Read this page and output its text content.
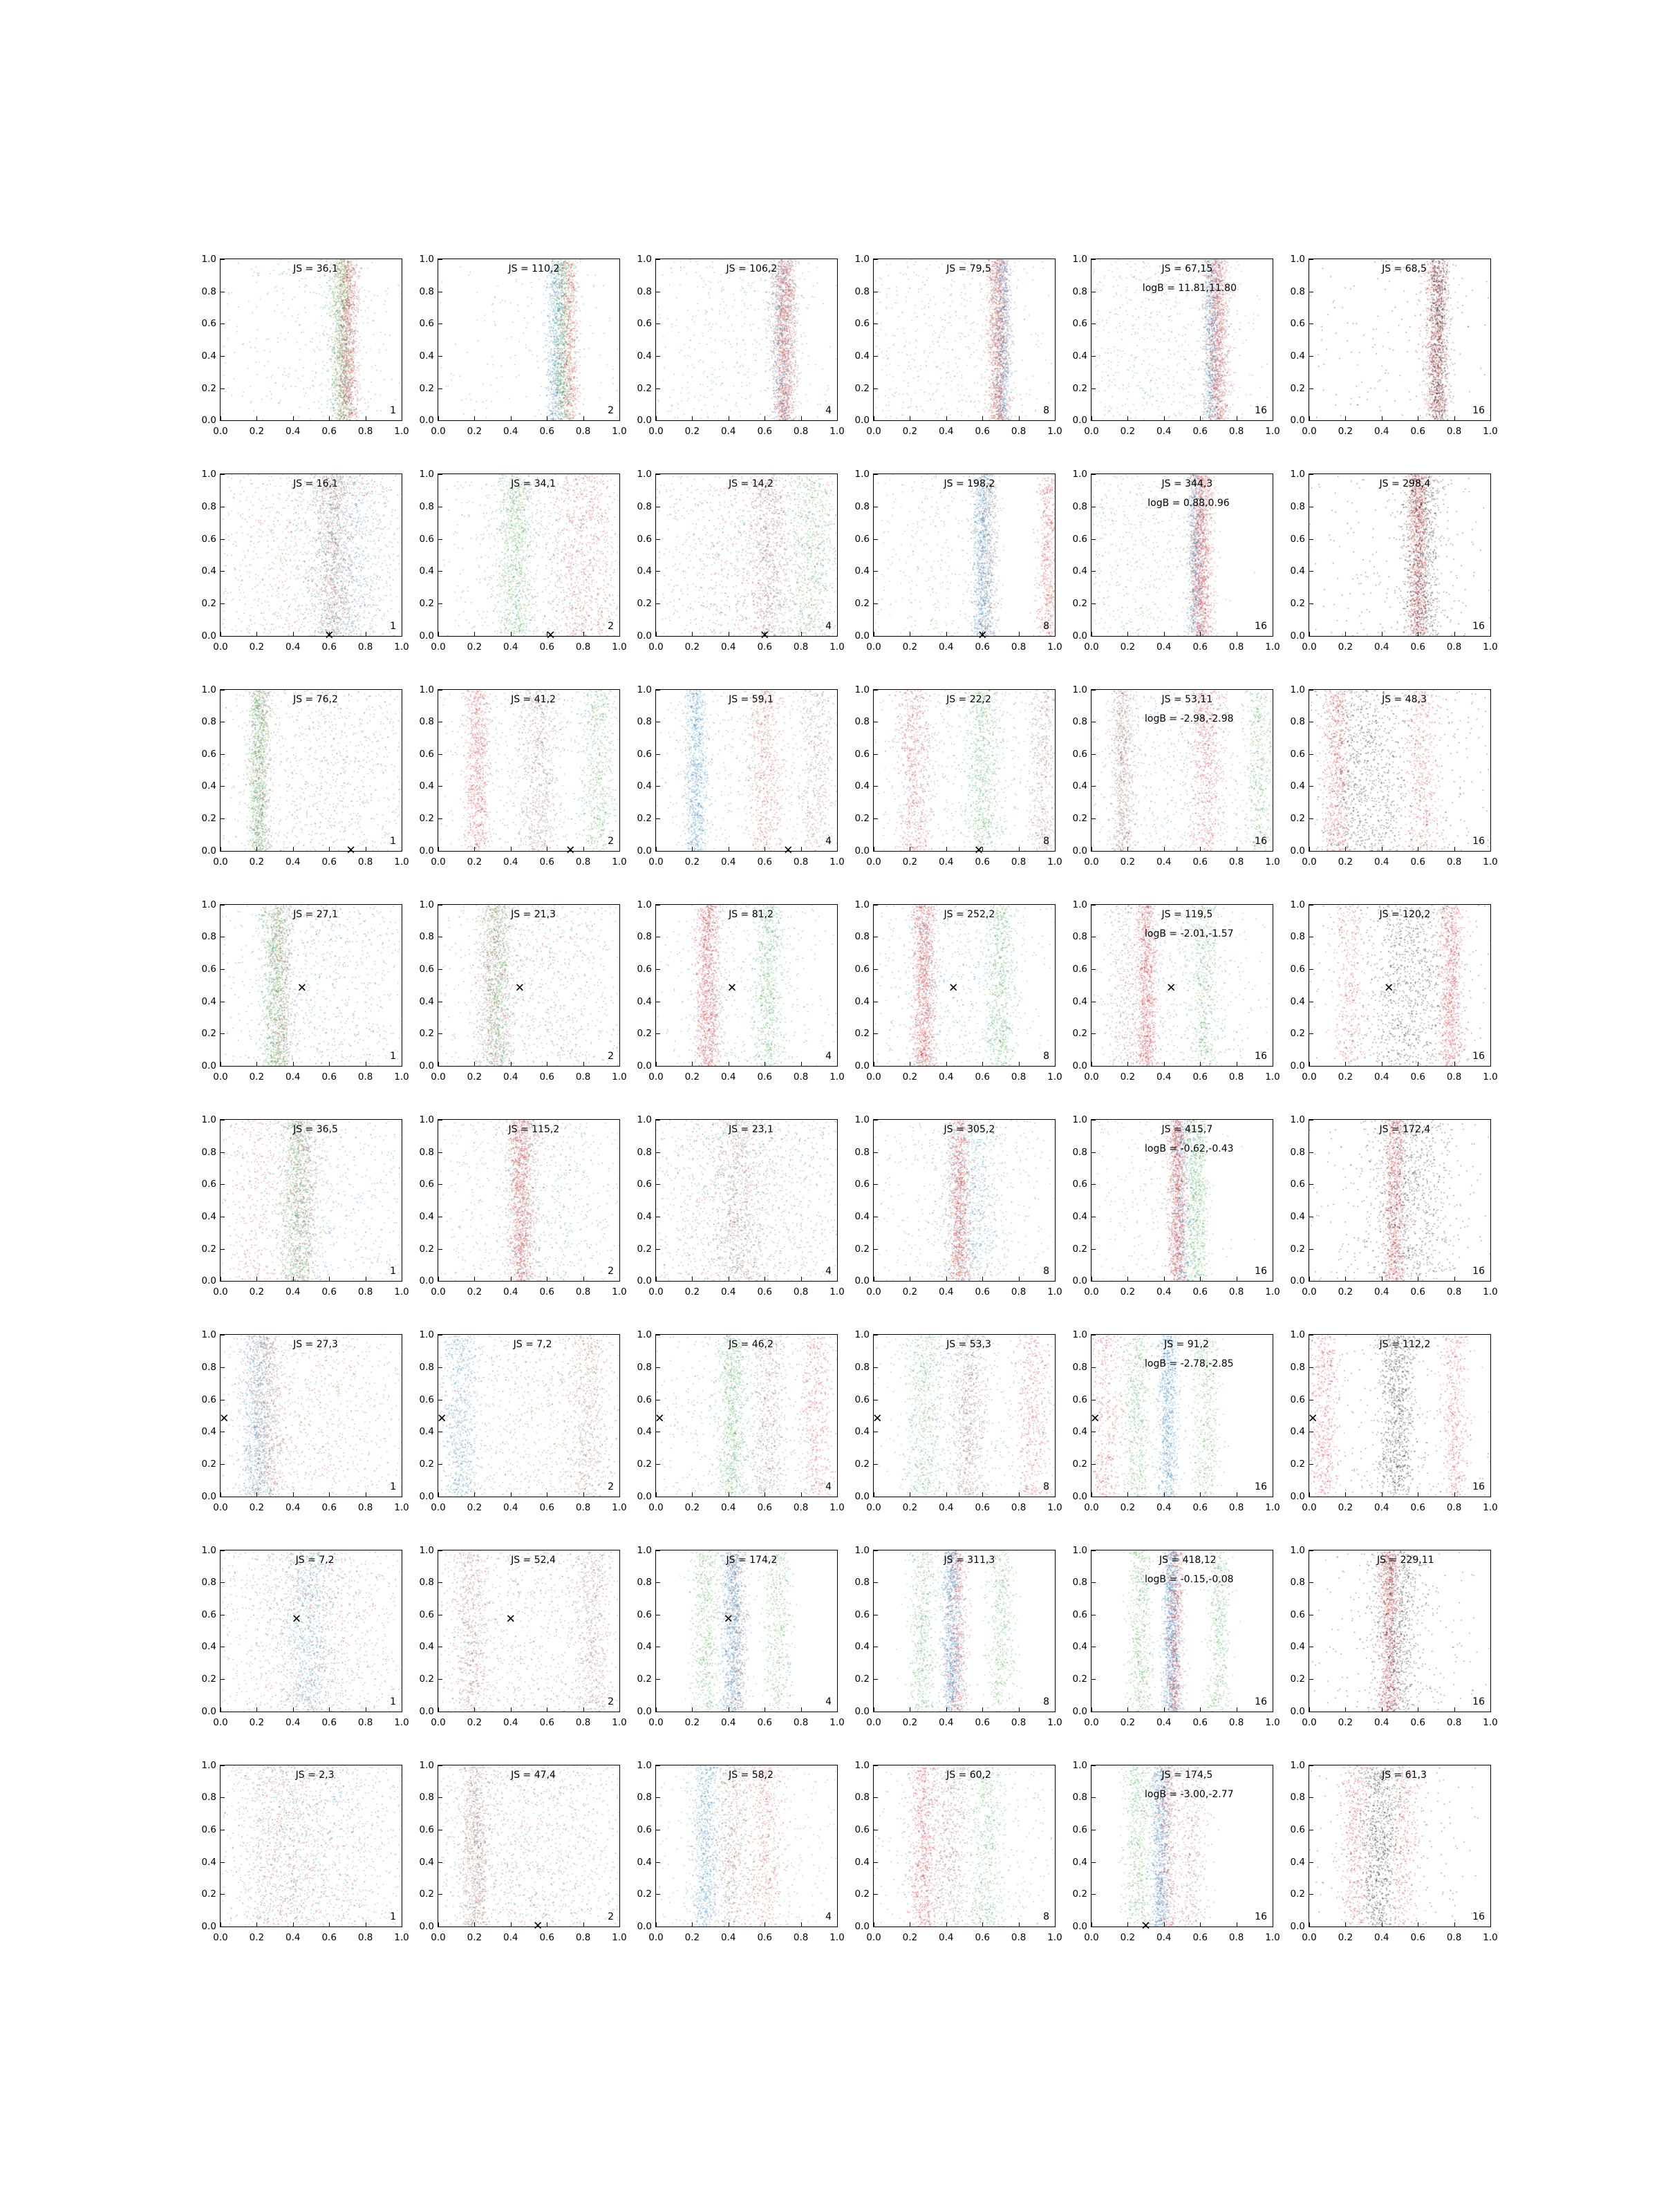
0.0 0.2 0.4 0.6 0.8 1.0
0.0
0.2
0.4
0.6
0.8
1.0
JS = 36,1
1
0.0 0.2 0.4 0.6 0.8 1.0
0.0
0.2
0.4
0.6
0.8
1.0
JS = 110,2
2
0.0 0.2 0.4 0.6 0.8 1.0
0.0
0.2
0.4
0.6
0.8
1.0
JS = 106,2
4
0.0 0.2 0.4 0.6 0.8 1.0
0.0
0.2
0.4
0.6
0.8
1.0
JS = 79,5
8
0.0 0.2 0.4 0.6 0.8 1.0
0.0
0.2
0.4
0.6
0.8
1.0
JS = 67,15
logB = 11.81,11.80
16
0.0 0.2 0.4 0.6 0.8 1.0
0.0
0.2
0.4
0.6
0.8
1.0
JS = 68,5
16
0.0 0.2 0.4 0.6 0.8 1.0
0.0
0.2
0.4
0.6
0.8
1.0
JS = 16,1
1
✕
0.0 0.2 0.4 0.6 0.8 1.0
0.0
0.2
0.4
0.6
0.8
1.0
JS = 34,1
2
✕
0.0 0.2 0.4 0.6 0.8 1.0
0.0
0.2
0.4
0.6
0.8
1.0
JS = 14,2
4
✕
0.0 0.2 0.4 0.6 0.8 1.0
0.0
0.2
0.4
0.6
0.8
1.0
JS = 198,2
8
✕
0.0 0.2 0.4 0.6 0.8 1.0
0.0
0.2
0.4
0.6
0.8
1.0
JS = 344,3
logB = 0.88,0.96
16
0.0 0.2 0.4 0.6 0.8 1.0
0.0
0.2
0.4
0.6
0.8
1.0
JS = 298,4
16
0.0 0.2 0.4 0.6 0.8 1.0
0.0
0.2
0.4
0.6
0.8
1.0
JS = 76,2
1
✕
0.0 0.2 0.4 0.6 0.8 1.0
0.0
0.2
0.4
0.6
0.8
1.0
JS = 41,2
2
✕
0.0 0.2 0.4 0.6 0.8 1.0
0.0
0.2
0.4
0.6
0.8
1.0
JS = 59,1
4
✕
0.0 0.2 0.4 0.6 0.8 1.0
0.0
0.2
0.4
0.6
0.8
1.0
JS = 22,2
8
✕
0.0 0.2 0.4 0.6 0.8 1.0
0.0
0.2
0.4
0.6
0.8
1.0
JS = 53,11
logB = -2.98,-2.98
16
0.0 0.2 0.4 0.6 0.8 1.0
0.0
0.2
0.4
0.6
0.8
1.0
JS = 48,3
16
0.0 0.2 0.4 0.6 0.8 1.0
0.0
0.2
0.4
0.6
0.8
1.0
JS = 27,1
1
✕
0.0 0.2 0.4 0.6 0.8 1.0
0.0
0.2
0.4
0.6
0.8
1.0
JS = 21,3
2
✕
0.0 0.2 0.4 0.6 0.8 1.0
0.0
0.2
0.4
0.6
0.8
1.0
JS = 81,2
4
✕
0.0 0.2 0.4 0.6 0.8 1.0
0.0
0.2
0.4
0.6
0.8
1.0
JS = 252,2
8
✕
0.0 0.2 0.4 0.6 0.8 1.0
0.0
0.2
0.4
0.6
0.8
1.0
JS = 119,5
logB = -2.01,-1.57
16
✕
0.0 0.2 0.4 0.6 0.8 1.0
0.0
0.2
0.4
0.6
0.8
1.0
JS = 120,2
16
✕
0.0 0.2 0.4 0.6 0.8 1.0
0.0
0.2
0.4
0.6
0.8
1.0
JS = 36,5
1
0.0 0.2 0.4 0.6 0.8 1.0
0.0
0.2
0.4
0.6
0.8
1.0
JS = 115,2
2
0.0 0.2 0.4 0.6 0.8 1.0
0.0
0.2
0.4
0.6
0.8
1.0
JS = 23,1
4
0.0 0.2 0.4 0.6 0.8 1.0
0.0
0.2
0.4
0.6
0.8
1.0
JS = 305,2
8
0.0 0.2 0.4 0.6 0.8 1.0
0.0
0.2
0.4
0.6
0.8
1.0
JS = 415,7
logB = -0.62,-0.43
16
0.0 0.2 0.4 0.6 0.8 1.0
0.0
0.2
0.4
0.6
0.8
1.0
JS = 172,4
16
0.0 0.2 0.4 0.6 0.8 1.0
0.0
0.2
0.4
0.6
0.8
1.0
JS = 27,3
1
✕
0.0 0.2 0.4 0.6 0.8 1.0
0.0
0.2
0.4
0.6
0.8
1.0
JS = 7,2
2
✕
0.0 0.2 0.4 0.6 0.8 1.0
0.0
0.2
0.4
0.6
0.8
1.0
JS = 46,2
4
✕
0.0 0.2 0.4 0.6 0.8 1.0
0.0
0.2
0.4
0.6
0.8
1.0
JS = 53,3
8
✕
0.0 0.2 0.4 0.6 0.8 1.0
0.0
0.2
0.4
0.6
0.8
1.0
JS = 91,2
logB = -2.78,-2.85
16
✕
0.0 0.2 0.4 0.6 0.8 1.0
0.0
0.2
0.4
0.6
0.8
1.0
JS = 112,2
16
✕
0.0 0.2 0.4 0.6 0.8 1.0
0.0
0.2
0.4
0.6
0.8
1.0
JS = 7,2
1
✕
0.0 0.2 0.4 0.6 0.8 1.0
0.0
0.2
0.4
0.6
0.8
1.0
JS = 52,4
2
✕
0.0 0.2 0.4 0.6 0.8 1.0
0.0
0.2
0.4
0.6
0.8
1.0
JS = 174,2
4
✕
0.0 0.2 0.4 0.6 0.8 1.0
0.0
0.2
0.4
0.6
0.8
1.0
JS = 311,3
8
0.0 0.2 0.4 0.6 0.8 1.0
0.0
0.2
0.4
0.6
0.8
1.0
JS = 418,12
logB = -0.15,-0.08
16
0.0 0.2 0.4 0.6 0.8 1.0
0.0
0.2
0.4
0.6
0.8
1.0
JS = 229,11
16
0.0 0.2 0.4 0.6 0.8 1.0
0.0
0.2
0.4
0.6
0.8
1.0
JS = 2,3
1
0.0 0.2 0.4 0.6 0.8 1.0
0.0
0.2
0.4
0.6
0.8
1.0
JS = 47,4
2
✕
0.0 0.2 0.4 0.6 0.8 1.0
0.0
0.2
0.4
0.6
0.8
1.0
JS = 58,2
4
0.0 0.2 0.4 0.6 0.8 1.0
0.0
0.2
0.4
0.6
0.8
1.0
JS = 60,2
8
0.0 0.2 0.4 0.6 0.8 1.0
0.0
0.2
0.4
0.6
0.8
1.0
JS = 174,5
logB = -3.00,-2.77
16
✕
0.0 0.2 0.4 0.6 0.8 1.0
0.0
0.2
0.4
0.6
0.8
1.0
JS = 61,3
16
